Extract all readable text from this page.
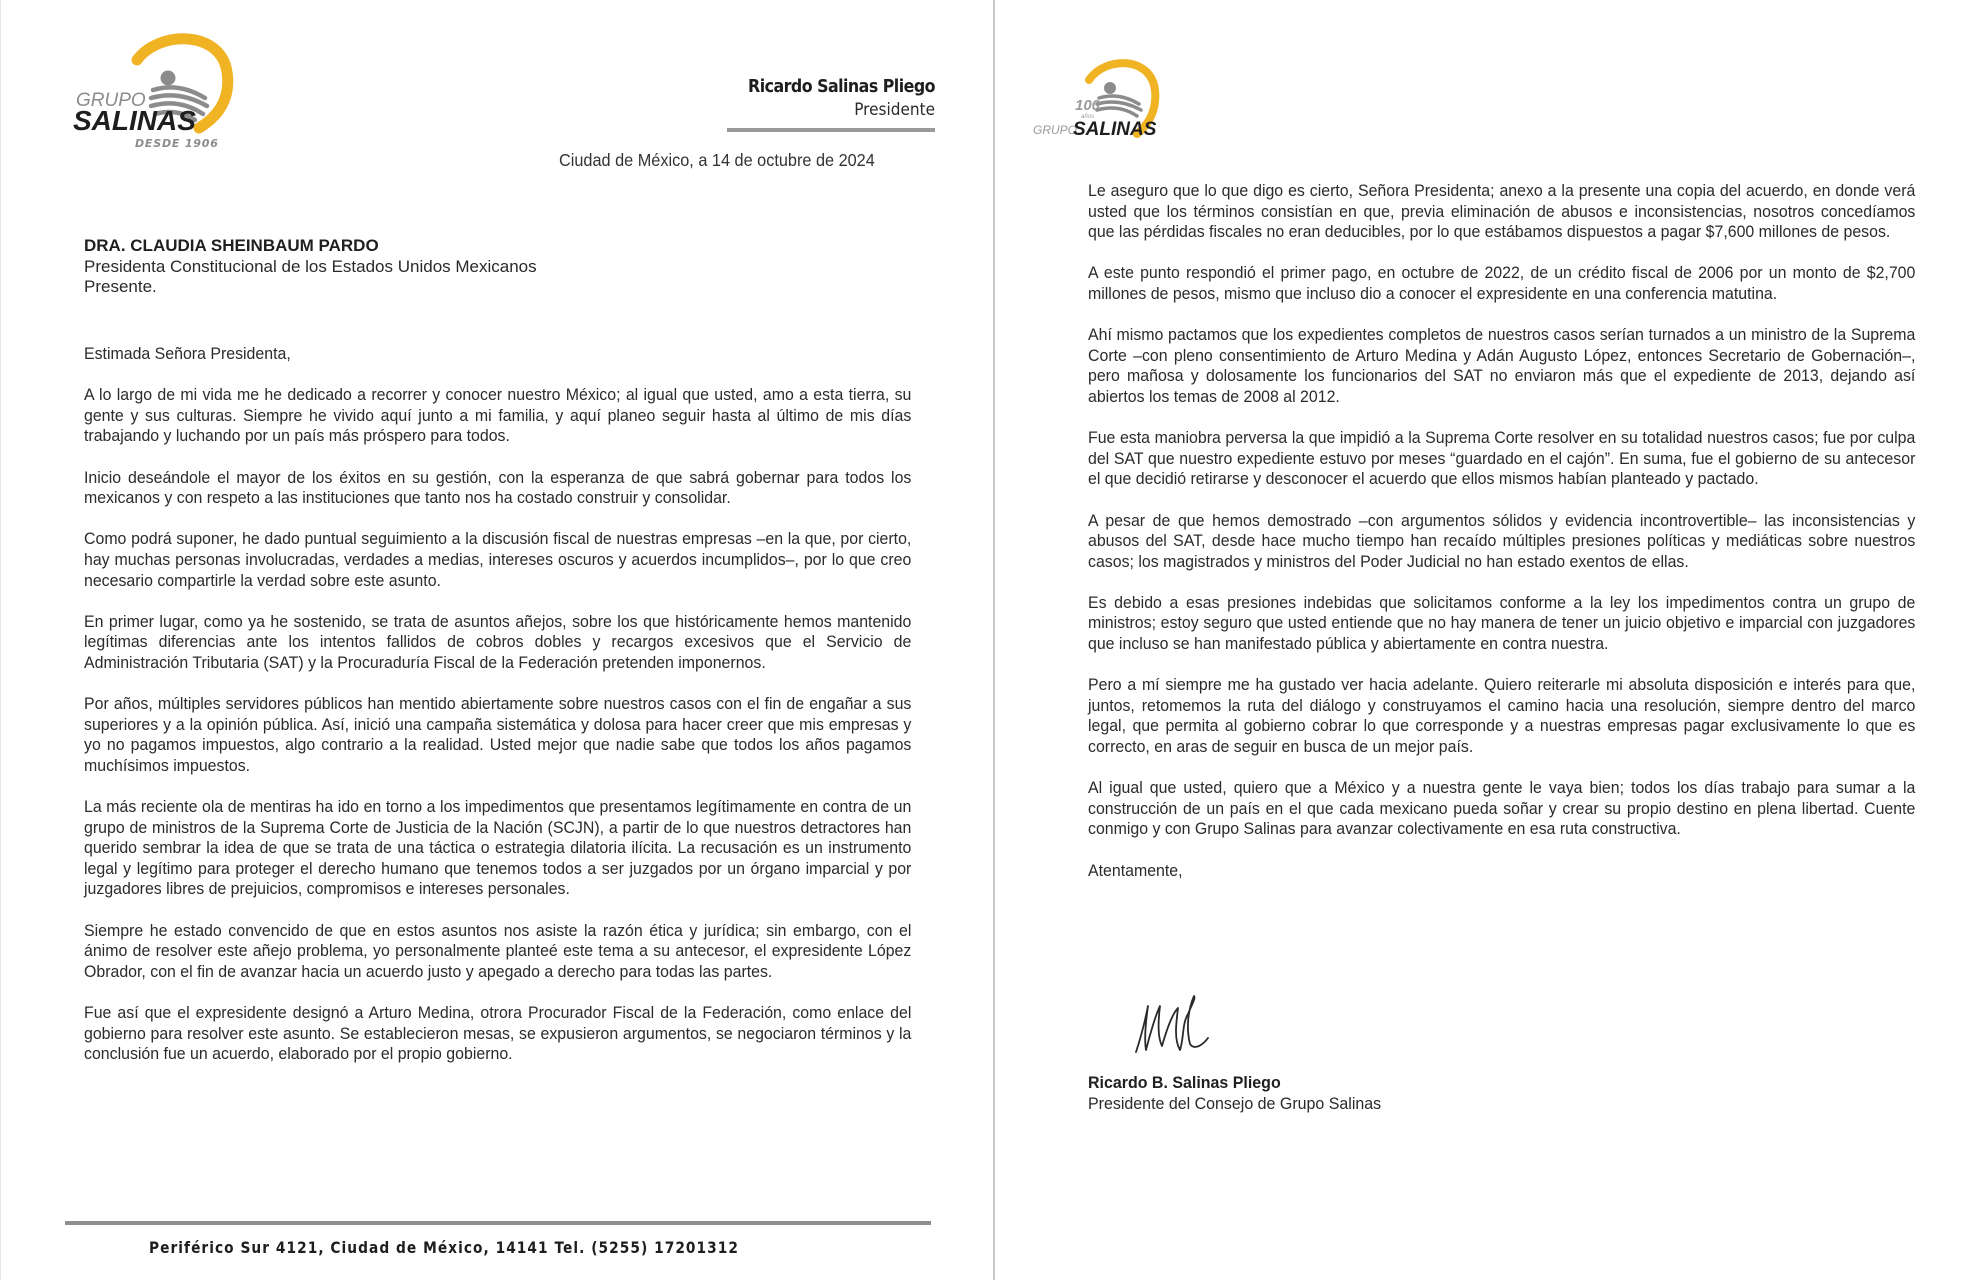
GRUPO
SALINAS
DESDE 1906
Ricardo Salinas Pliego
Presidente
Ciudad de México, a 14 de octubre de 2024
DRA. CLAUDIA SHEINBAUM PARDO
Presidenta Constitucional de los Estados Unidos Mexicanos
Presente.

Estimada Señora Presidenta,

A lo largo de mi vida me he dedicado a recorrer y conocer nuestro México; al igual que usted, amo a esta tierra, su gente y sus culturas. Siempre he vivido aquí junto a mi familia, y aquí planeo seguir hasta al último de mis días trabajando y luchando por un país más próspero para todos.

Inicio deseándole el mayor de los éxitos en su gestión, con la esperanza de que sabrá gobernar para todos los mexicanos y con respeto a las instituciones que tanto nos ha costado construir y consolidar.

Como podrá suponer, he dado puntual seguimiento a la discusión fiscal de nuestras empresas –en la que, por cierto, hay muchas personas involucradas, verdades a medias, intereses oscuros y acuerdos incumplidos–, por lo que creo necesario compartirle la verdad sobre este asunto.

En primer lugar, como ya he sostenido, se trata de asuntos añejos, sobre los que históricamente hemos mantenido legítimas diferencias ante los intentos fallidos de cobros dobles y recargos excesivos que el Servicio de Administración Tributaria (SAT) y la Procuraduría Fiscal de la Federación pretenden imponernos.

Por años, múltiples servidores públicos han mentido abiertamente sobre nuestros casos con el fin de engañar a sus superiores y a la opinión pública. Así, inició una campaña sistemática y dolosa para hacer creer que mis empresas y yo no pagamos impuestos, algo contrario a la realidad. Usted mejor que nadie sabe que todos los años pagamos muchísimos impuestos.

La más reciente ola de mentiras ha ido en torno a los impedimentos que presentamos legítimamente en contra de un grupo de ministros de la Suprema Corte de Justicia de la Nación (SCJN), a partir de lo que nuestros detractores han querido sembrar la idea de que se trata de una táctica o estrategia dilatoria ilícita. La recusación es un instrumento legal y legítimo para proteger el derecho humano que tenemos todos a ser juzgados por un órgano imparcial y por juzgadores libres de prejuicios, compromisos e intereses personales.

Siempre he estado convencido de que en estos asuntos nos asiste la razón ética y jurídica; sin embargo, con el ánimo de resolver este añejo problema, yo personalmente planteé este tema a su antecesor, el expresidente López Obrador, con el fin de avanzar hacia un acuerdo justo y apegado a derecho para todas las partes.

Fue así que el expresidente designó a Arturo Medina, otrora Procurador Fiscal de la Federación, como enlace del gobierno para resolver este asunto. Se establecieron mesas, se expusieron argumentos, se negociaron términos y la conclusión fue un acuerdo, elaborado por el propio gobierno.

Periférico Sur 4121, Ciudad de México, 14141 Tel. (5255) 17201312
100
años
GRUPO
SALINAS

Le aseguro que lo que digo es cierto, Señora Presidenta; anexo a la presente una copia del acuerdo, en donde verá usted que los términos consistían en que, previa eliminación de abusos e inconsistencias, nosotros concedíamos que las pérdidas fiscales no eran deducibles, por lo que estábamos dispuestos a pagar $7,600 millones de pesos.

A este punto respondió el primer pago, en octubre de 2022, de un crédito fiscal de 2006 por un monto de $2,700 millones de pesos, mismo que incluso dio a conocer el expresidente en una conferencia matutina.

Ahí mismo pactamos que los expedientes completos de nuestros casos serían turnados a un ministro de la Suprema Corte –con pleno consentimiento de Arturo Medina y Adán Augusto López, entonces Secretario de Gobernación–, pero mañosa y dolosamente los funcionarios del SAT no enviaron más que el expediente de 2013, dejando así abiertos los temas de 2008 al 2012.

Fue esta maniobra perversa la que impidió a la Suprema Corte resolver en su totalidad nuestros casos; fue por culpa del SAT que nuestro expediente estuvo por meses “guardado en el cajón”. En suma, fue el gobierno de su antecesor el que decidió retirarse y desconocer el acuerdo que ellos mismos habían planteado y pactado.

A pesar de que hemos demostrado –con argumentos sólidos y evidencia incontrovertible– las inconsistencias y abusos del SAT, desde hace mucho tiempo han recaído múltiples presiones políticas y mediáticas sobre nuestros casos; los magistrados y ministros del Poder Judicial no han estado exentos de ellas.

Es debido a esas presiones indebidas que solicitamos conforme a la ley los impedimentos contra un grupo de ministros; estoy seguro que usted entiende que no hay manera de tener un juicio objetivo e imparcial con juzgadores que incluso se han manifestado pública y abiertamente en contra nuestra.

Pero a mí siempre me ha gustado ver hacia adelante. Quiero reiterarle mi absoluta disposición e interés para que, juntos, retomemos la ruta del diálogo y construyamos el camino hacia una resolución, siempre dentro del marco legal, que permita al gobierno cobrar lo que corresponde y a nuestras empresas pagar exclusivamente lo que es correcto, en aras de seguir en busca de un mejor país.

Al igual que usted, quiero que a México y a nuestra gente le vaya bien; todos los días trabajo para sumar a la construcción de un país en el que cada mexicano pueda soñar y crear su propio destino en plena libertad. Cuente conmigo y con Grupo Salinas para avanzar colectivamente en esa ruta constructiva.

Atentamente,

Ricardo B. Salinas Pliego
Presidente del Consejo de Grupo Salinas
